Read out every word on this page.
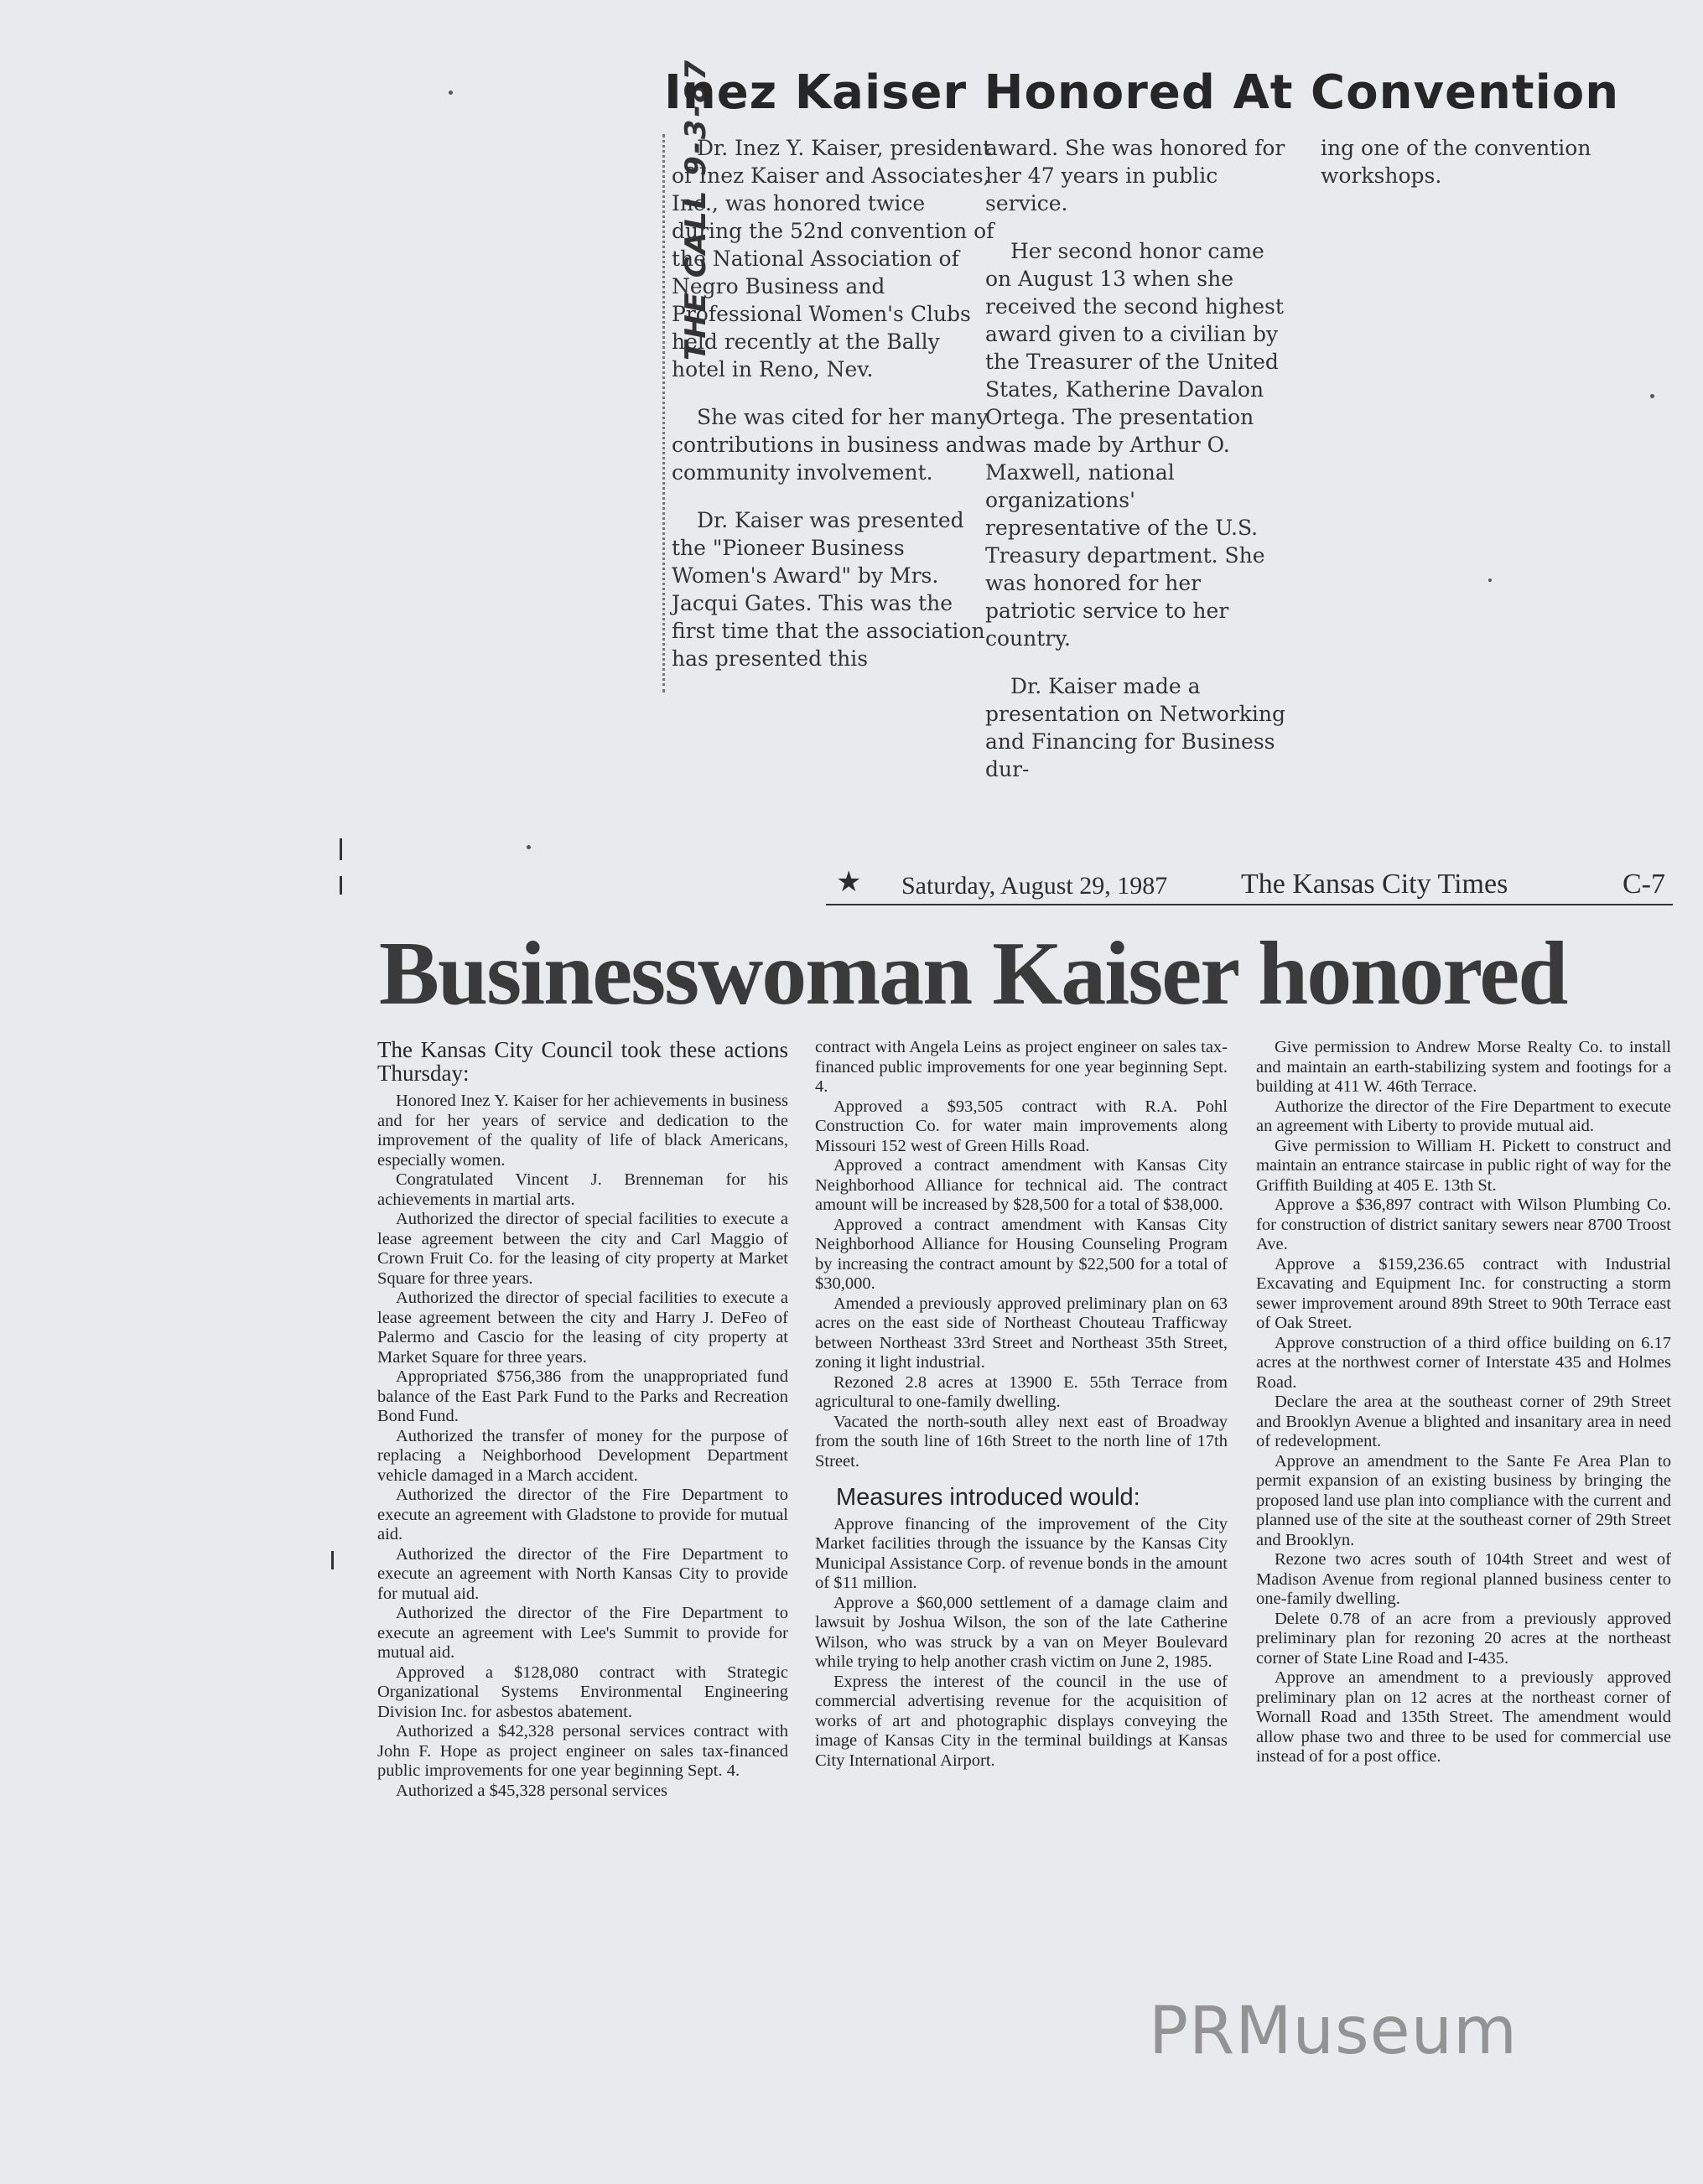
THE CALL 9-3-87
Inez Kaiser Honored At Convention

Dr. Inez Y. Kaiser, president of Inez Kaiser and Associates, Inc., was honored twice during the 52nd convention of the National Association of Negro Business and Professional Women's Clubs held recently at the Bally hotel in Reno, Nev.

She was cited for her many contributions in business and community involvement.

Dr. Kaiser was presented the "Pioneer Business Women's Award" by Mrs. Jacqui Gates. This was the first time that the association has presented this

award. She was honored for her 47 years in public service.

Her second honor came on August 13 when she received the second highest award given to a civilian by the Treasurer of the United States, Katherine Davalon Ortega. The presentation was made by Arthur O. Maxwell, national organizations' representative of the U.S. Treasury department. She was honored for her patriotic service to her country.

Dr. Kaiser made a presentation on Networking and Financing for Business dur-

ing one of the convention workshops.

★ Saturday, August 29, 1987	The Kansas City Times	C-7
Businesswoman Kaiser honored

The Kansas City Council took these actions Thursday:

Honored Inez Y. Kaiser for her achievements in business and for her years of service and dedication to the improvement of the quality of life of black Americans, especially women.

Congratulated Vincent J. Brenneman for his achievements in martial arts.

Authorized the director of special facilities to execute a lease agreement between the city and Carl Maggio of Crown Fruit Co. for the leasing of city property at Market Square for three years.

Authorized the director of special facilities to execute a lease agreement between the city and Harry J. DeFeo of Palermo and Cascio for the leasing of city property at Market Square for three years.

Appropriated $756,386 from the unappropriated fund balance of the East Park Fund to the Parks and Recreation Bond Fund.

Authorized the transfer of money for the purpose of replacing a Neighborhood Development Department vehicle damaged in a March accident.

Authorized the director of the Fire Department to execute an agreement with Gladstone to provide for mutual aid.

Authorized the director of the Fire Department to execute an agreement with North Kansas City to provide for mutual aid.

Authorized the director of the Fire Department to execute an agreement with Lee's Summit to provide for mutual aid.

Approved a $128,080 contract with Strategic Organizational Systems Environmental Engineering Division Inc. for asbestos abatement.

Authorized a $42,328 personal services contract with John F. Hope as project engineer on sales tax-financed public improvements for one year beginning Sept. 4.

Authorized a $45,328 personal services

contract with Angela Leins as project engineer on sales tax-financed public improvements for one year beginning Sept. 4.

Approved a $93,505 contract with R.A. Pohl Construction Co. for water main improvements along Missouri 152 west of Green Hills Road.

Approved a contract amendment with Kansas City Neighborhood Alliance for technical aid. The contract amount will be increased by $28,500 for a total of $38,000.

Approved a contract amendment with Kansas City Neighborhood Alliance for Housing Counseling Program by increasing the contract amount by $22,500 for a total of $30,000.

Amended a previously approved preliminary plan on 63 acres on the east side of Northeast Chouteau Trafficway between Northeast 33rd Street and Northeast 35th Street, zoning it light industrial.

Rezoned 2.8 acres at 13900 E. 55th Terrace from agricultural to one-family dwelling.

Vacated the north-south alley next east of Broadway from the south line of 16th Street to the north line of 17th Street.

Measures introduced would:

Approve financing of the improvement of the City Market facilities through the issuance by the Kansas City Municipal Assistance Corp. of revenue bonds in the amount of $11 million.

Approve a $60,000 settlement of a damage claim and lawsuit by Joshua Wilson, the son of the late Catherine Wilson, who was struck by a van on Meyer Boulevard while trying to help another crash victim on June 2, 1985.

Express the interest of the council in the use of commercial advertising revenue for the acquisition of works of art and photographic displays conveying the image of Kansas City in the terminal buildings at Kansas City International Airport.

Give permission to Andrew Morse Realty Co. to install and maintain an earth-stabilizing system and footings for a building at 411 W. 46th Terrace.

Authorize the director of the Fire Department to execute an agreement with Liberty to provide mutual aid.

Give permission to William H. Pickett to construct and maintain an entrance staircase in public right of way for the Griffith Building at 405 E. 13th St.

Approve a $36,897 contract with Wilson Plumbing Co. for construction of district sanitary sewers near 8700 Troost Ave.

Approve a $159,236.65 contract with Industrial Excavating and Equipment Inc. for constructing a storm sewer improvement around 89th Street to 90th Terrace east of Oak Street.

Approve construction of a third office building on 6.17 acres at the northwest corner of Interstate 435 and Holmes Road.

Declare the area at the southeast corner of 29th Street and Brooklyn Avenue a blighted and insanitary area in need of redevelopment.

Approve an amendment to the Sante Fe Area Plan to permit expansion of an existing business by bringing the proposed land use plan into compliance with the current and planned use of the site at the southeast corner of 29th Street and Brooklyn.

Rezone two acres south of 104th Street and west of Madison Avenue from regional planned business center to one-family dwelling.

Delete 0.78 of an acre from a previously approved preliminary plan for rezoning 20 acres at the northeast corner of State Line Road and I-435.

Approve an amendment to a previously approved preliminary plan on 12 acres at the northeast corner of Wornall Road and 135th Street. The amendment would allow phase two and three to be used for commercial use instead of for a post office.

PRMuseum
